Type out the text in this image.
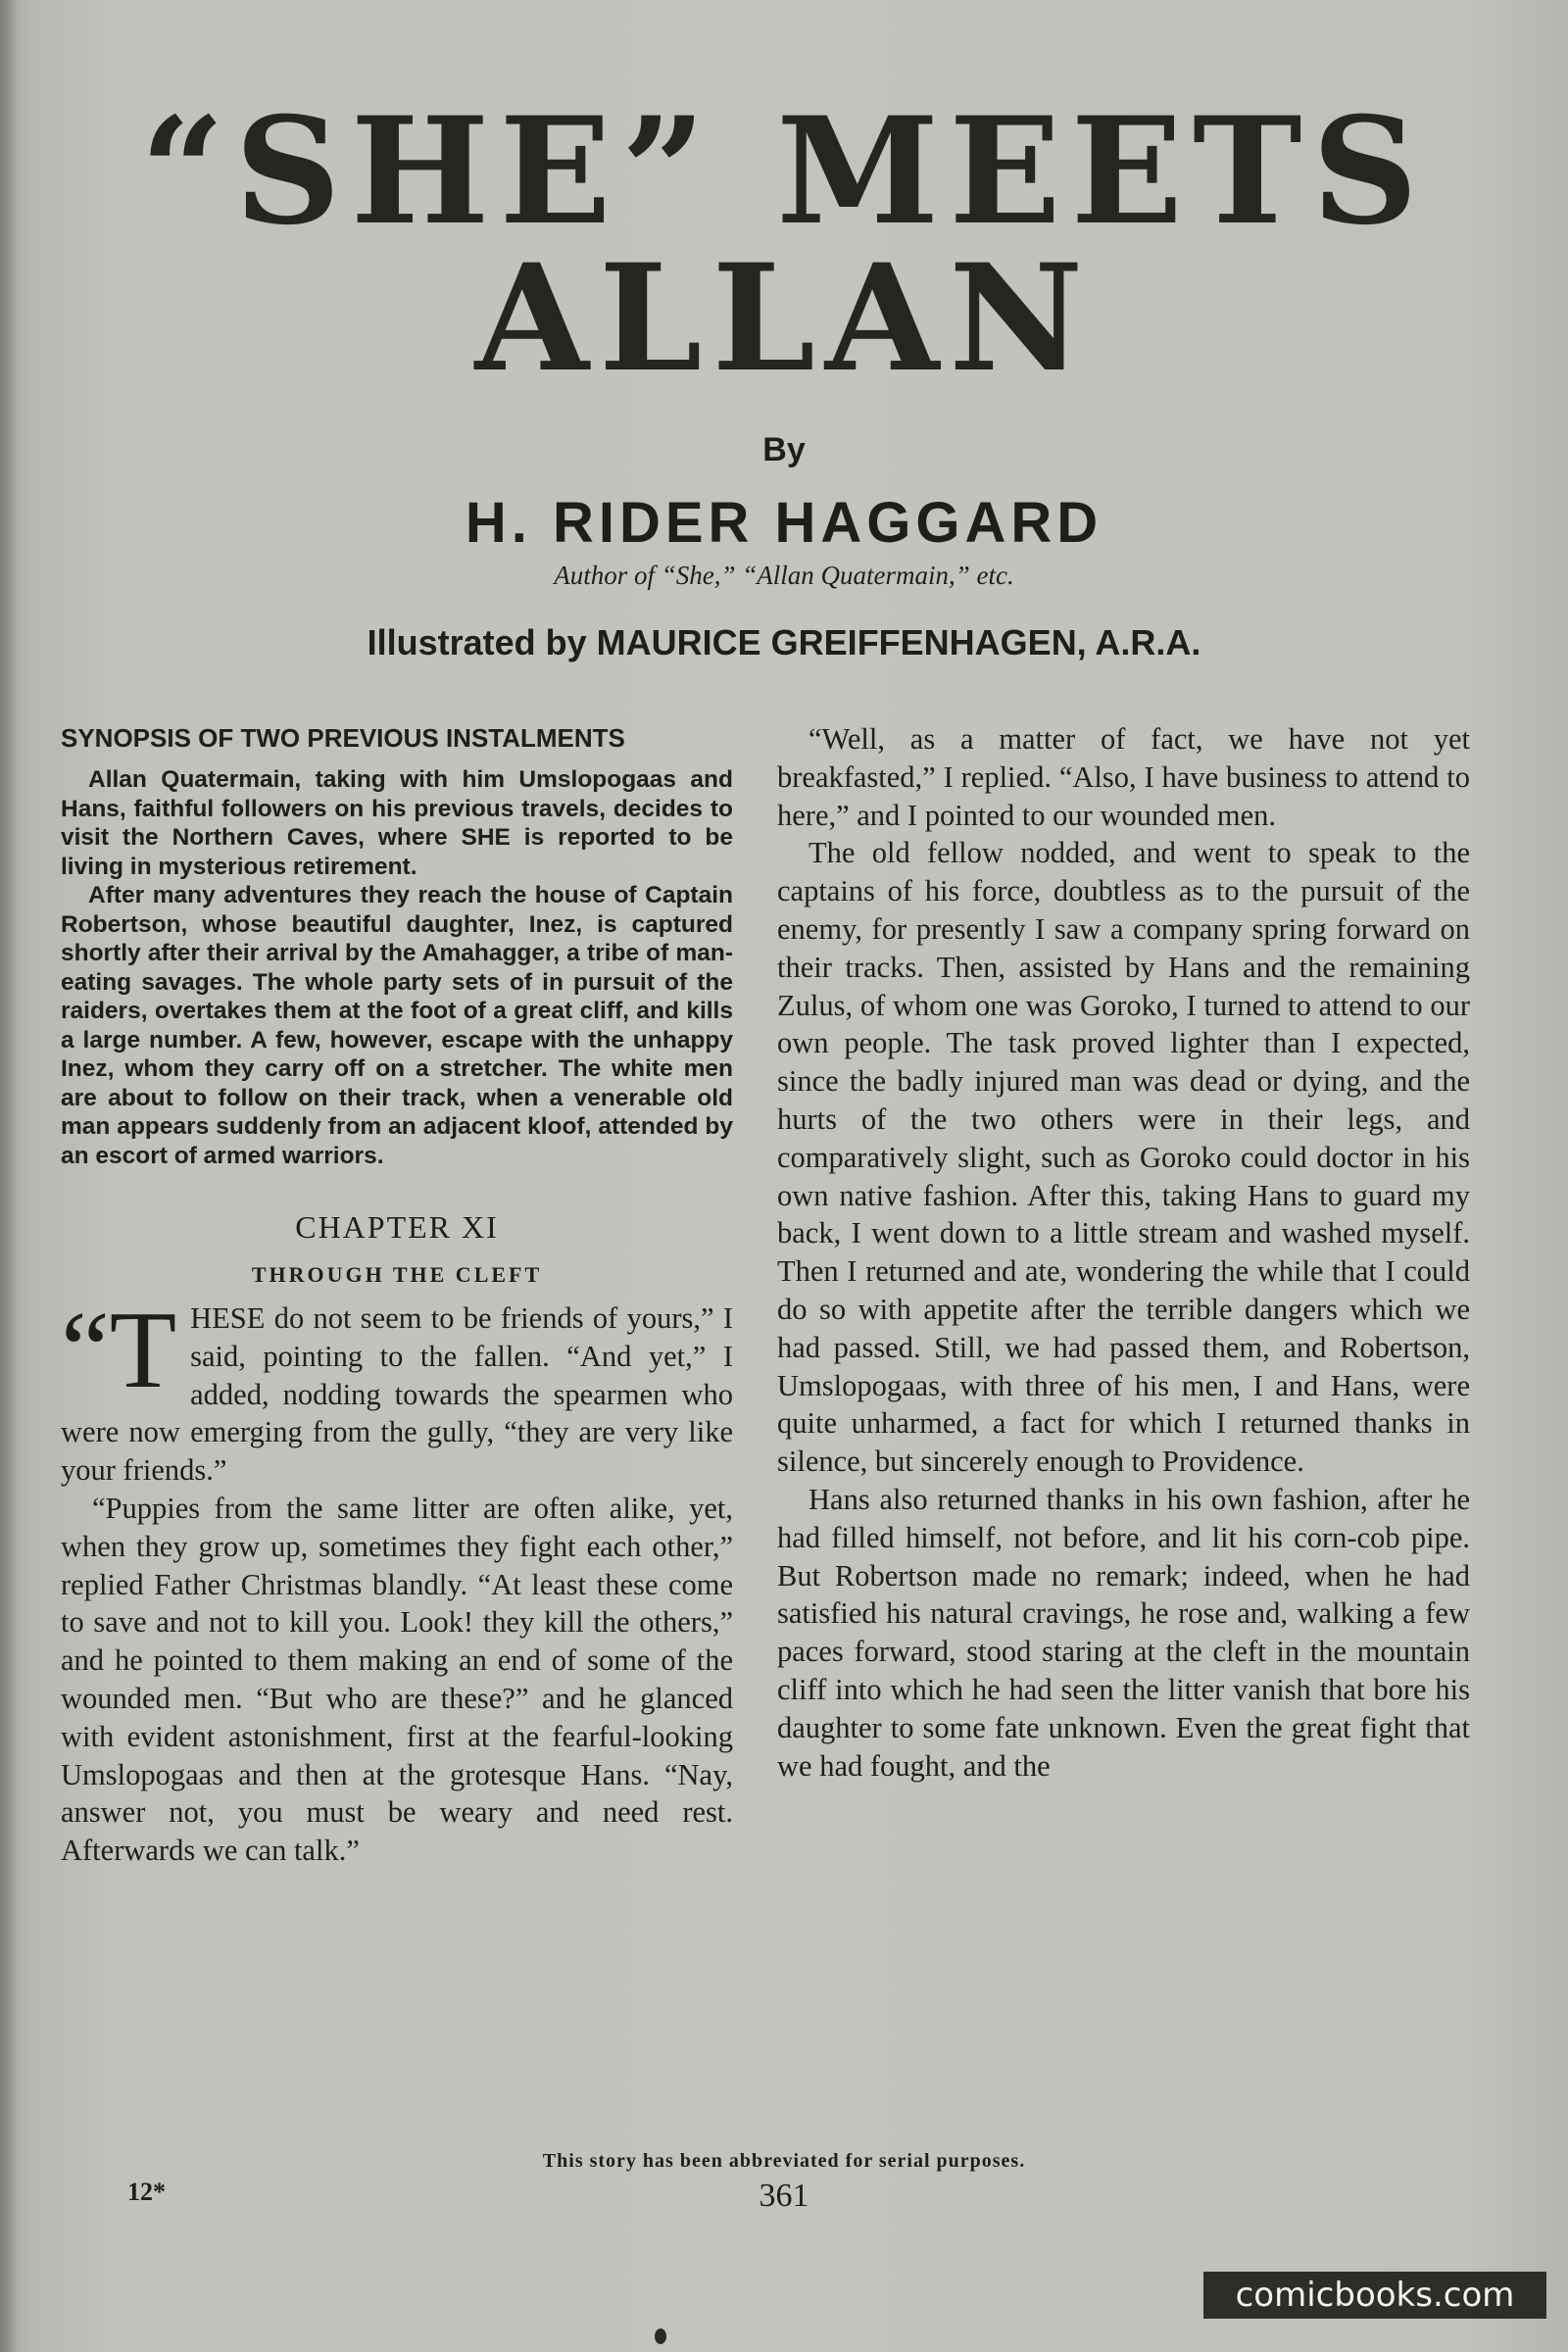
“SHE” MEETS
ALLAN
By
H. RIDER HAGGARD
Author of “She,” “Allan Quatermain,” etc.
Illustrated by MAURICE GREIFFENHAGEN, A.R.A.
SYNOPSIS OF TWO PREVIOUS INSTALMENTS

Allan Quatermain, taking with him Umslopogaas and Hans, faithful followers on his previous travels, decides to visit the Northern Caves, where SHE is reported to be living in mysterious retirement.

After many adventures they reach the house of Captain Robertson, whose beautiful daughter, Inez, is captured shortly after their arrival by the Amahagger, a tribe of man-eating savages. The whole party sets of in pursuit of the raiders, overtakes them at the foot of a great cliff, and kills a large number. A few, however, escape with the unhappy Inez, whom they carry off on a stretcher. The white men are about to follow on their track, when a venerable old man appears suddenly from an adjacent kloof, attended by an escort of armed warriors.

CHAPTER XI
THROUGH THE CLEFT

“T HESE do not seem to be friends of yours,” I said, pointing to the fallen. “And yet,” I added, nodding towards the spearmen who were now emerging from the gully, “they are very like your friends.”

“Puppies from the same litter are often alike, yet, when they grow up, sometimes they fight each other,” replied Father Christmas blandly. “At least these come to save and not to kill you. Look! they kill the others,” and he pointed to them making an end of some of the wounded men. “But who are these?” and he glanced with evident astonishment, first at the fearful-looking Umslopogaas and then at the grotesque Hans. “Nay, answer not, you must be weary and need rest. Afterwards we can talk.”

“Well, as a matter of fact, we have not yet breakfasted,” I replied. “Also, I have business to attend to here,” and I pointed to our wounded men.

The old fellow nodded, and went to speak to the captains of his force, doubtless as to the pursuit of the enemy, for presently I saw a company spring forward on their tracks. Then, assisted by Hans and the remaining Zulus, of whom one was Goroko, I turned to attend to our own people. The task proved lighter than I expected, since the badly injured man was dead or dying, and the hurts of the two others were in their legs, and comparatively slight, such as Goroko could doctor in his own native fashion. After this, taking Hans to guard my back, I went down to a little stream and washed myself. Then I returned and ate, wondering the while that I could do so with appetite after the terrible dangers which we had passed. Still, we had passed them, and Robertson, Umslopogaas, with three of his men, I and Hans, were quite unharmed, a fact for which I returned thanks in silence, but sincerely enough to Providence.

Hans also returned thanks in his own fashion, after he had filled himself, not before, and lit his corn-cob pipe. But Robertson made no remark; indeed, when he had satisfied his natural cravings, he rose and, walking a few paces forward, stood staring at the cleft in the mountain cliff into which he had seen the litter vanish that bore his daughter to some fate unknown. Even the great fight that we had fought, and the

This story has been abbreviated for serial purposes.
12*	361
comicbooks.com
